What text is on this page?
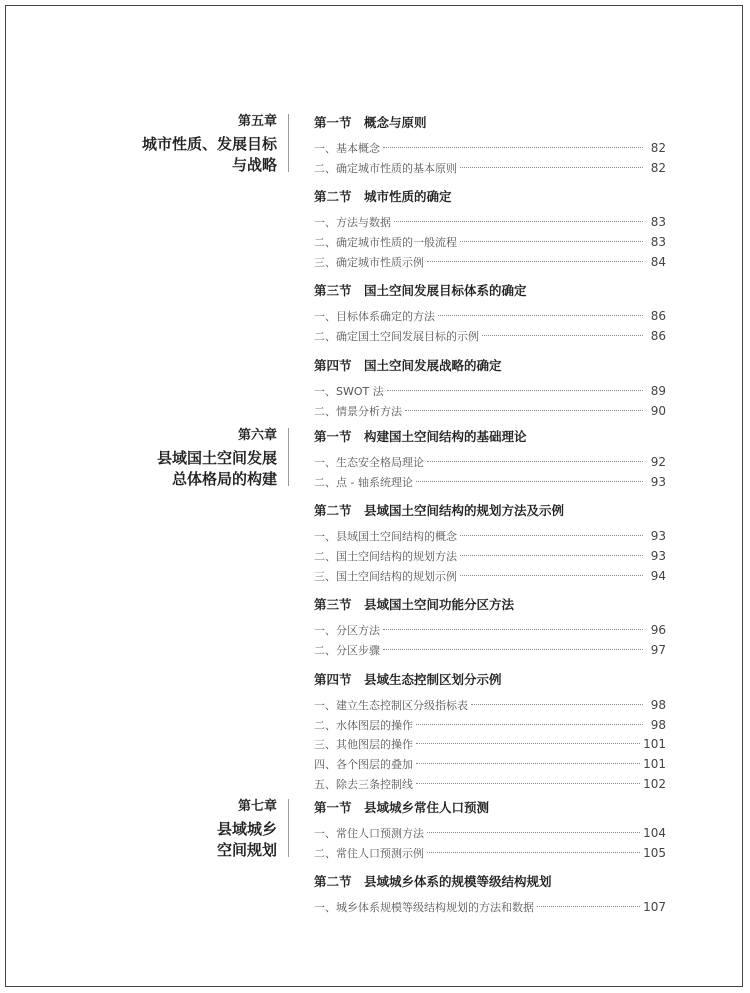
第五章
城市性质、发展目标
与战略
第一节 概念与原则
一、基本概念	82
二、确定城市性质的基本原则	82
第二节 城市性质的确定
一、方法与数据	83
二、确定城市性质的一般流程	83
三、确定城市性质示例	84
第三节 国土空间发展目标体系的确定
一、目标体系确定的方法	86
二、确定国土空间发展目标的示例	86
第四节 国土空间发展战略的确定
一、SWOT 法	89
二、情景分析方法	90
第六章
县域国土空间发展
总体格局的构建
第一节 构建国土空间结构的基础理论
一、生态安全格局理论	92
二、点 - 轴系统理论	93
第二节 县域国土空间结构的规划方法及示例
一、县域国土空间结构的概念	93
二、国土空间结构的规划方法	93
三、国土空间结构的规划示例	94
第三节 县域国土空间功能分区方法
一、分区方法	96
二、分区步骤	97
第四节 县域生态控制区划分示例
一、建立生态控制区分级指标表	98
二、水体图层的操作	98
三、其他图层的操作	101
四、各个图层的叠加	101
五、除去三条控制线	102
第七章
县域城乡
空间规划
第一节 县域城乡常住人口预测
一、常住人口预测方法	104
二、常住人口预测示例	105
第二节 县域城乡体系的规模等级结构规划
一、城乡体系规模等级结构规划的方法和数据	107
